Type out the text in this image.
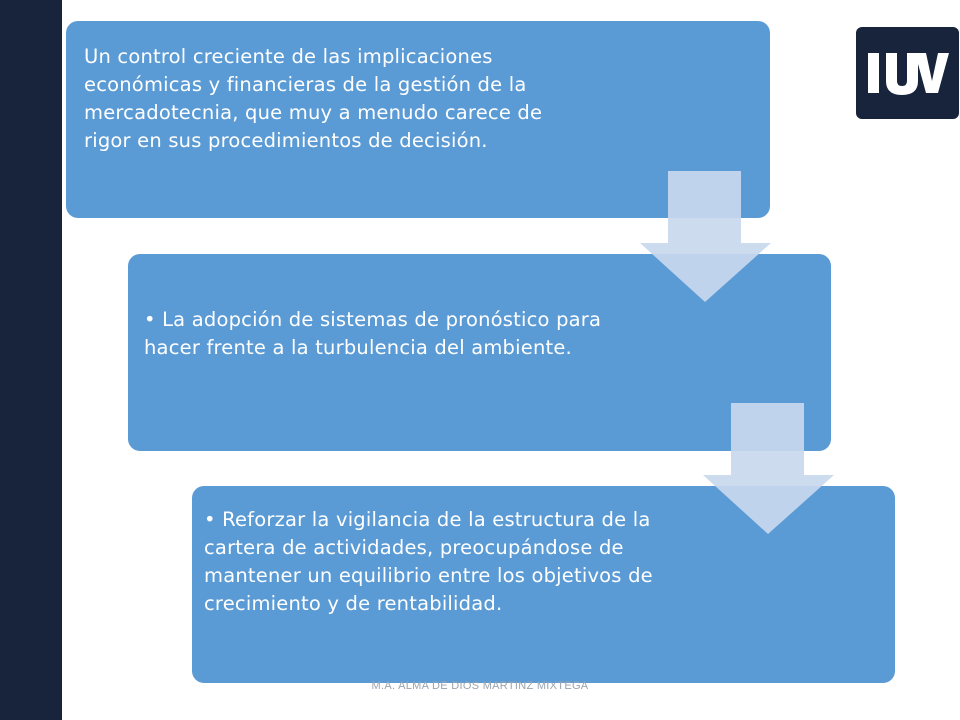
Un control creciente de las implicaciones económicas y financieras de la gestión de la mercadotecnia, que muy a menudo carece de rigor en sus procedimientos de decisión.
• La adopción de sistemas de pronóstico para hacer frente a la turbulencia del ambiente.
• Reforzar la vigilancia de la estructura de la cartera de actividades, preocupándose de mantener un equilibrio entre los objetivos de crecimiento y de rentabilidad.
M.A. ALMA DE DIOS MARTINZ MIXTEGA
